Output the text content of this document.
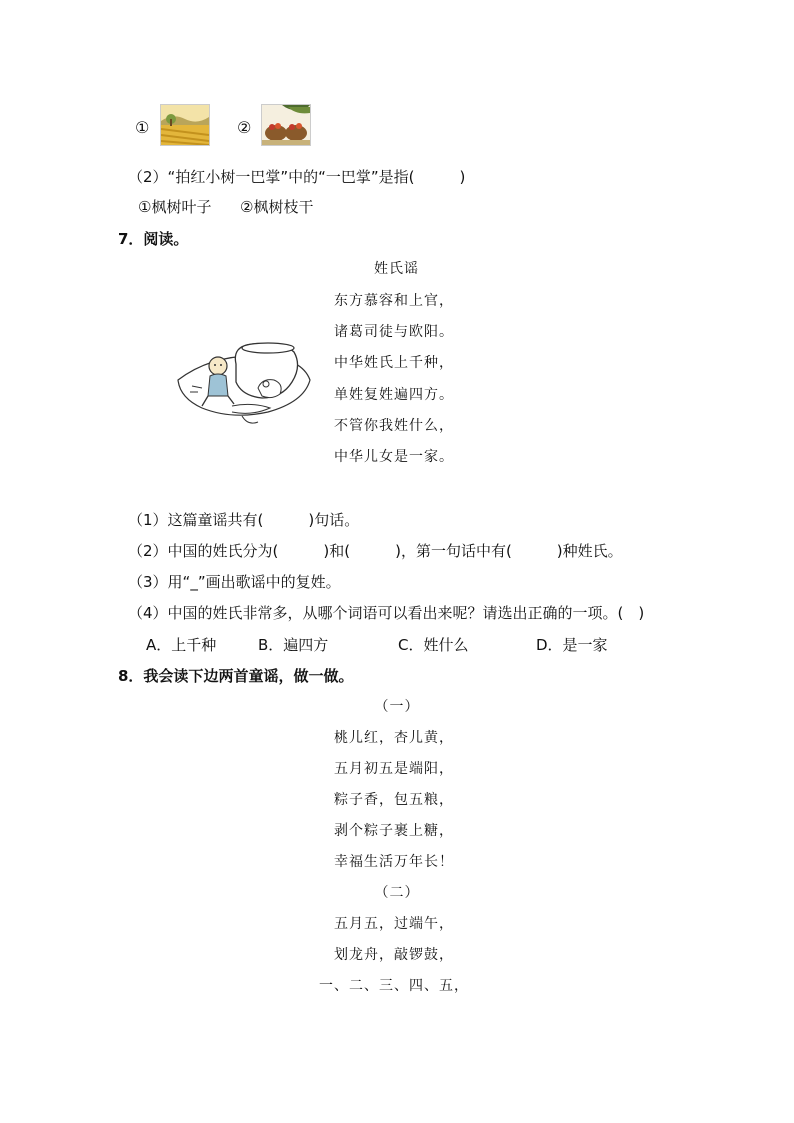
①	②
（2）“拍红小树一巴掌”中的“一巴掌”是指(　　　)
①枫树叶子 ②枫树枝干
7．阅读。
姓氏谣
东方慕容和上官，
诸葛司徒与欧阳。
中华姓氏上千种，
单姓复姓遍四方。
不管你我姓什么，
中华儿女是一家。
（1）这篇童谣共有(　　　)句话。
（2）中国的姓氏分为(　　　)和(　　　)，第一句话中有(　　　)种姓氏。
（3）用“_”画出歌谣中的复姓。
（4）中国的姓氏非常多，从哪个词语可以看出来呢？请选出正确的一项。(　)
A．上千种	B．遍四方	C．姓什么	D．是一家
8．我会读下边两首童谣，做一做。
（一）
桃儿红，杏儿黄，
五月初五是端阳，
粽子香，包五粮，
剥个粽子裹上糖，
幸福生活万年长！
（二）
五月五，过端午，
划龙舟，敲锣鼓，
一、二、三、四、五，
